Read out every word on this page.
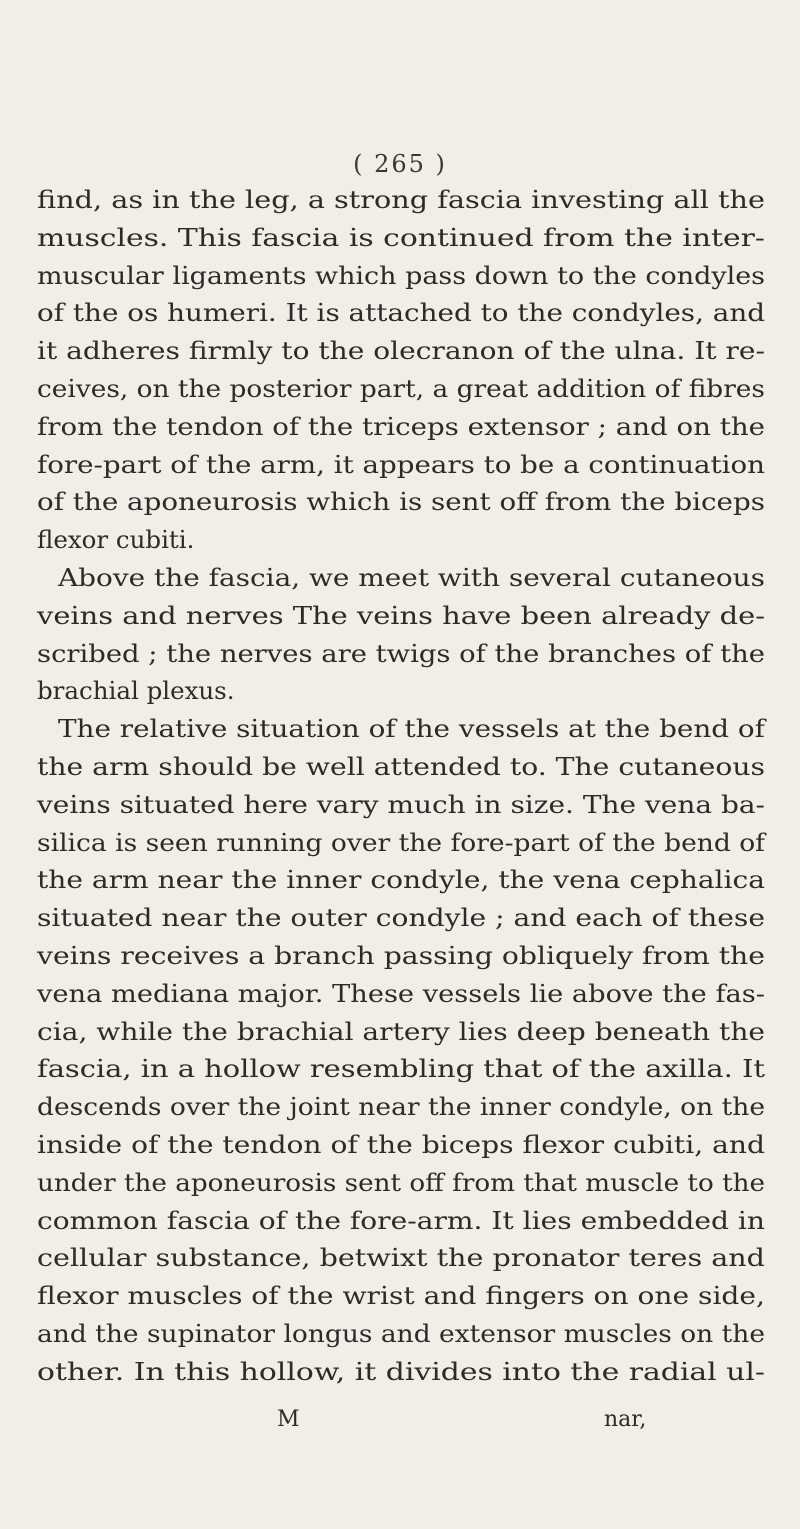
( 265 )
find, as in the leg, a strong fascia investing all the
muscles. This fascia is continued from the inter-
muscular ligaments which pass down to the condyles
of the os humeri. It is attached to the condyles, and
it adheres firmly to the olecranon of the ulna. It re-
ceives, on the posterior part, a great addition of fibres
from the tendon of the triceps extensor ; and on the
fore-part of the arm, it appears to be a continuation
of the aponeurosis which is sent off from the biceps
flexor cubiti.
Above the fascia, we meet with several cutaneous
veins and nerves The veins have been already de-
scribed ; the nerves are twigs of the branches of the
brachial plexus.
The relative situation of the vessels at the bend of
the arm should be well attended to. The cutaneous
veins situated here vary much in size. The vena ba-
silica is seen running over the fore-part of the bend of
the arm near the inner condyle, the vena cephalica
situated near the outer condyle ; and each of these
veins receives a branch passing obliquely from the
vena mediana major. These vessels lie above the fas-
cia, while the brachial artery lies deep beneath the
fascia, in a hollow resembling that of the axilla. It
descends over the joint near the inner condyle, on the
inside of the tendon of the biceps flexor cubiti, and
under the aponeurosis sent off from that muscle to the
common fascia of the fore-arm. It lies embedded in
cellular substance, betwixt the pronator teres and
flexor muscles of the wrist and fingers on one side,
and the supinator longus and extensor muscles on the
other. In this hollow, it divides into the radial ul-
M	nar,
